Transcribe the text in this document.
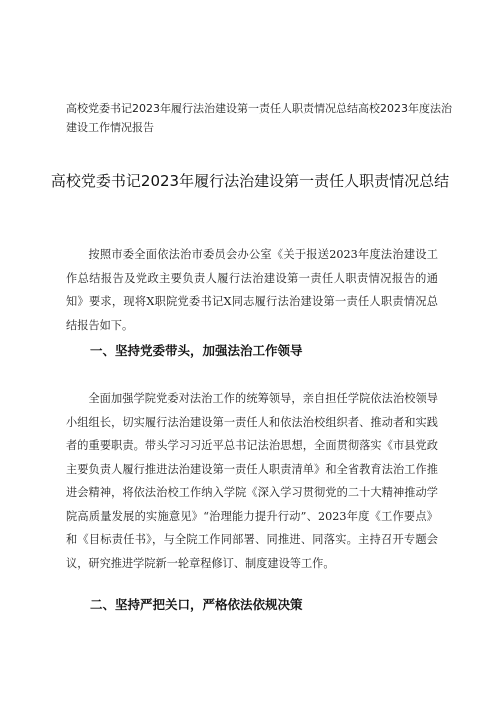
高校党委书记2023年履行法治建设第一责任人职责情况总结高校2023年度法治建设工作情况报告

高校党委书记2023年履行法治建设第一责任人职责情况总结

按照市委全面依法治市委员会办公室《关于报送2023年度法治建设工作总结报告及党政主要负责人履行法治建设第一责任人职责情况报告的通知》要求，现将X职院党委书记X同志履行法治建设第一责任人职责情况总结报告如下。

一、坚持党委带头，加强法治工作领导

全面加强学院党委对法治工作的统筹领导，亲自担任学院依法治校领导小组组长，切实履行法治建设第一责任人和依法治校组织者、推动者和实践者的重要职责。带头学习习近平总书记法治思想，全面贯彻落实《市县党政主要负责人履行推进法治建设第一责任人职责清单》和全省教育法治工作推进会精神，将依法治校工作纳入学院《深入学习贯彻党的二十大精神推动学院高质量发展的实施意见》“治理能力提升行动”、2023年度《工作要点》和《目标责任书》，与全院工作同部署、同推进、同落实。主持召开专题会议，研究推进学院新一轮章程修订、制度建设等工作。

二、坚持严把关口，严格依法依规决策
